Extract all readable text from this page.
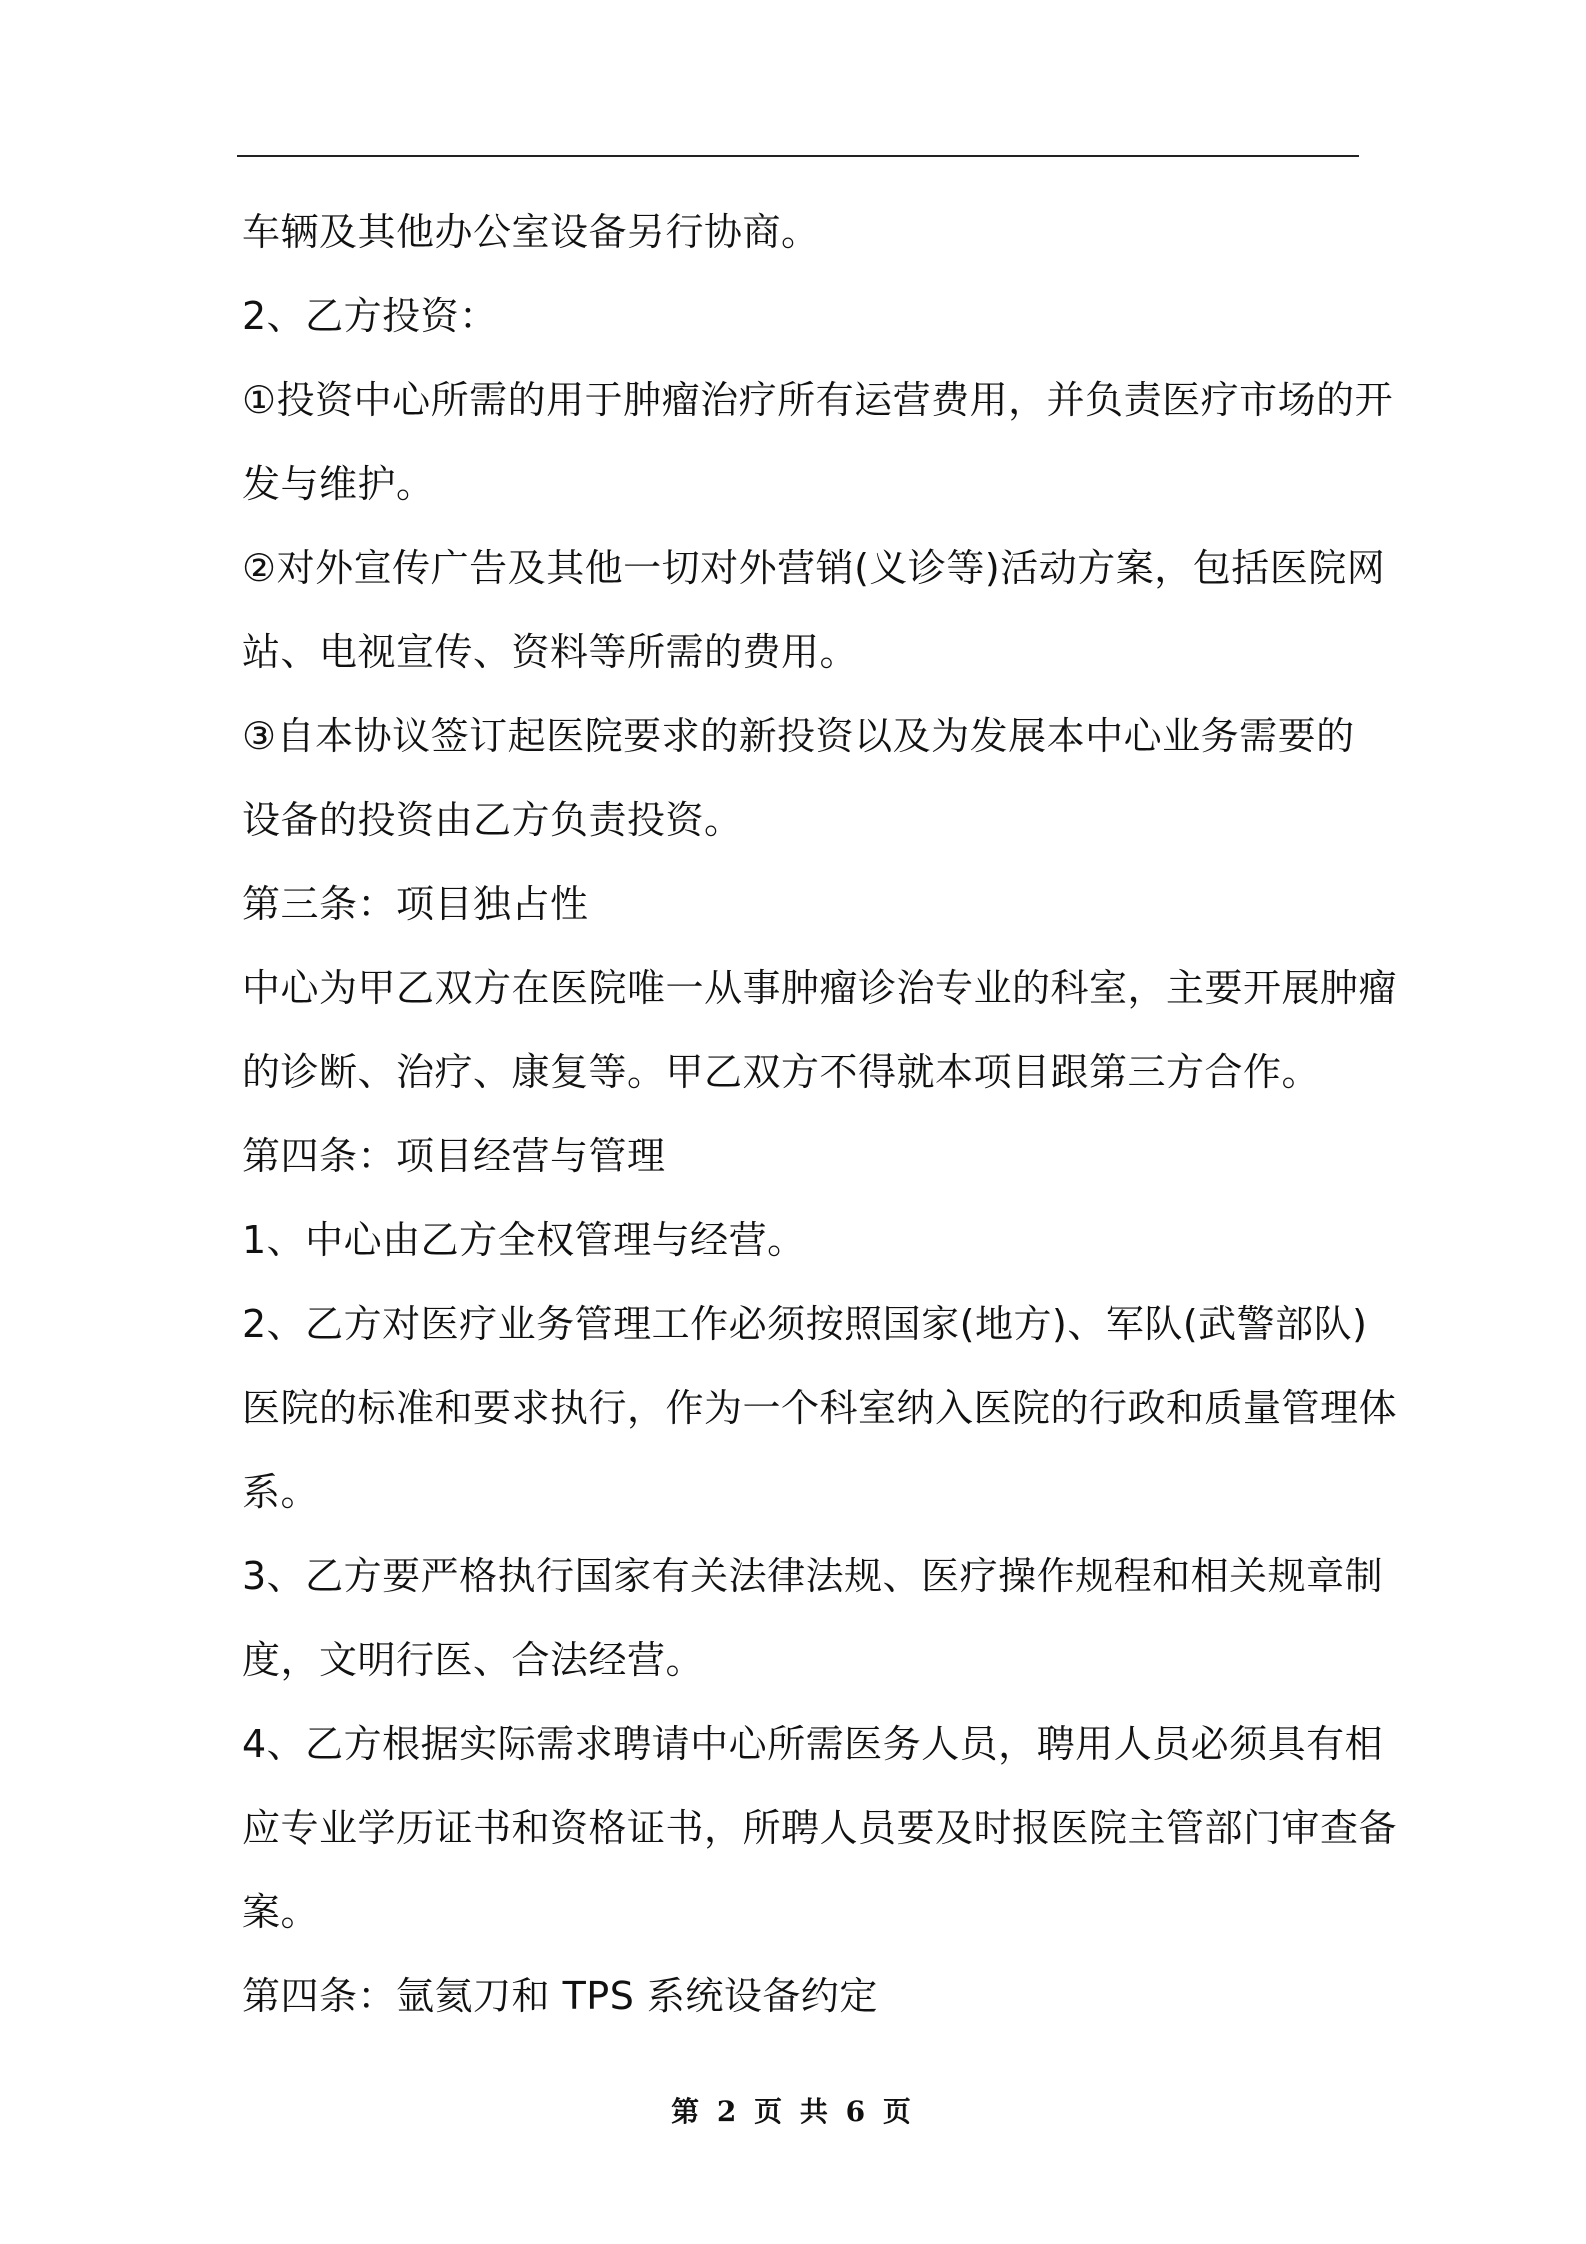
车辆及其他办公室设备另行协商。
2、乙方投资：
①投资中心所需的用于肿瘤治疗所有运营费用，并负责医疗市场的开
发与维护。
②对外宣传广告及其他一切对外营销(义诊等)活动方案，包括医院网
站、电视宣传、资料等所需的费用。
③自本协议签订起医院要求的新投资以及为发展本中心业务需要的
设备的投资由乙方负责投资。
第三条：项目独占性
中心为甲乙双方在医院唯一从事肿瘤诊治专业的科室，主要开展肿瘤
的诊断、治疗、康复等。甲乙双方不得就本项目跟第三方合作。
第四条：项目经营与管理
1、中心由乙方全权管理与经营。
2、乙方对医疗业务管理工作必须按照国家(地方)、军队(武警部队)
医院的标准和要求执行，作为一个科室纳入医院的行政和质量管理体
系。
3、乙方要严格执行国家有关法律法规、医疗操作规程和相关规章制
度，文明行医、合法经营。
4、乙方根据实际需求聘请中心所需医务人员，聘用人员必须具有相
应专业学历证书和资格证书，所聘人员要及时报医院主管部门审查备
案。
第四条：氩氦刀和 TPS 系统设备约定
第 2 页 共 6 页
